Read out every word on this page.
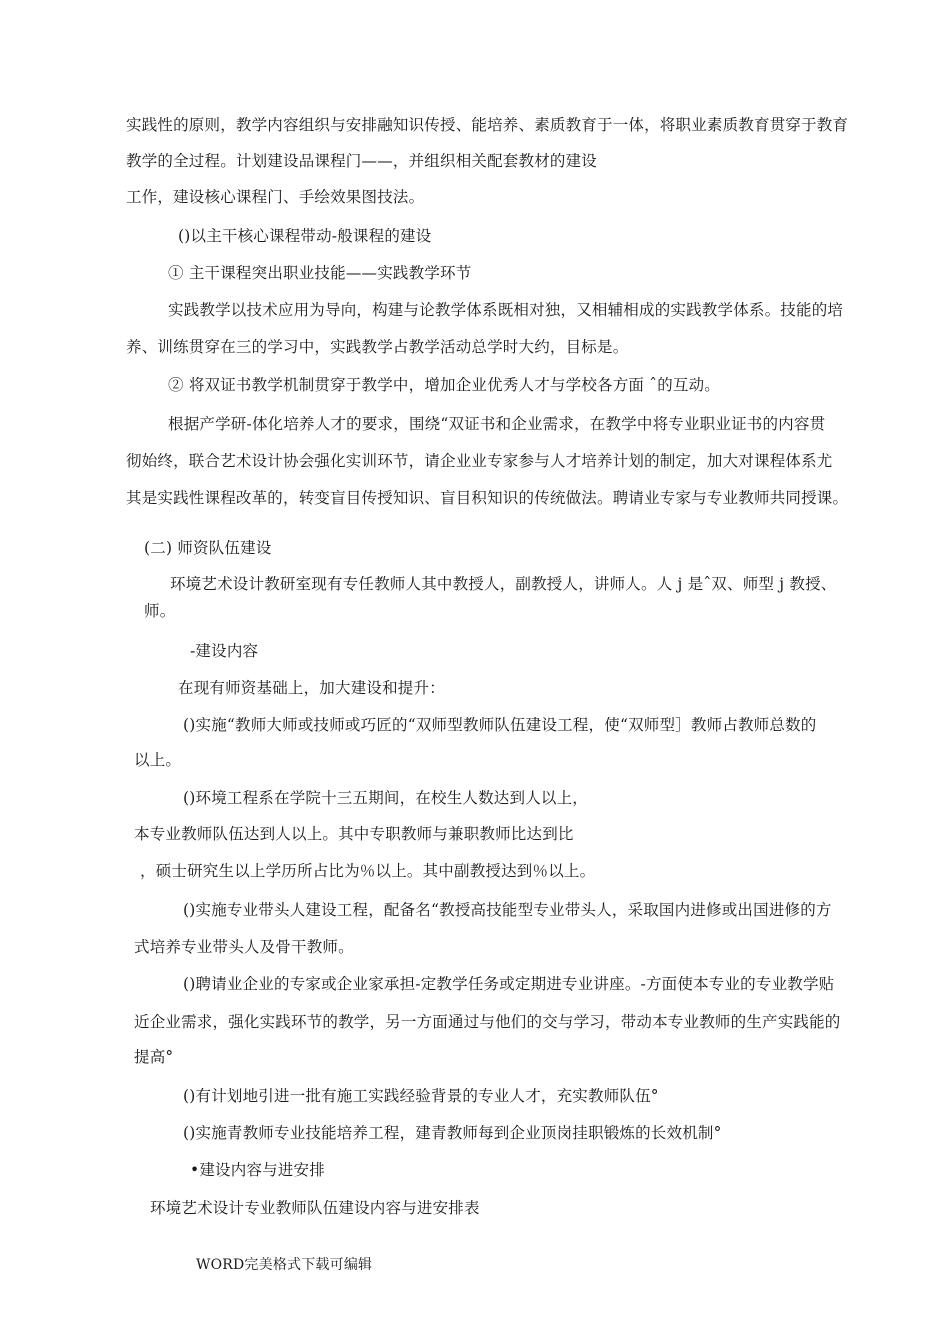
实践性的原则，教学内容组织与安排融知识传授、能培养、素质教育于一体，将职业素质教育贯穿于教育
教学的全过程。计划建设品课程门——，并组织相关配套教材的建设
工作，建设核心课程门、手绘效果图技法。
()以主干核心课程带动-般课程的建设
① 主干课程突出职业技能——实践教学环节
实践教学以技术应用为导向，构建与论教学体系既相对独，又相辅相成的实践教学体系。技能的培
养、训练贯穿在三的学习中，实践教学占教学活动总学时大约，目标是。
② 将双证书教学机制贯穿于教学中，增加企业优秀人才与学校各方面 ˆ的互动。
根据产学研-体化培养人才的要求，围绕“双证书和企业需求，在教学中将专业职业证书的内容贯
彻始终，联合艺术设计协会强化实训环节，请企业业专家参与人才培养计划的制定，加大对课程体系尤
其是实践性课程改革的，转变盲目传授知识、盲目积知识的传统做法。聘请业专家与专业教师共同授课。
(二) 师资队伍建设
环境艺术设计教研室现有专任教师人其中教授人，副教授人，讲师人。人 j 是ˆ双、师型 j 教授、
师。
-建设内容
在现有师资基础上，加大建设和提升：
()实施“教师大师或技师或巧匠的“双师型教师队伍建设工程，使“双师型］教师占教师总数的
以上。
()环境工程系在学院十三五期间，在校生人数达到人以上，
本专业教师队伍达到人以上。其中专职教师与兼职教师比达到比
，硕士研究生以上学历所占比为％以上。其中副教授达到％以上。
()实施专业带头人建设工程，配备名“教授高技能型专业带头人，采取国内进修或出国进修的方
式培养专业带头人及骨干教师。
()聘请业企业的专家或企业家承担-定教学任务或定期进专业讲座。-方面使本专业的专业教学贴
近企业需求，强化实践环节的教学，另一方面通过与他们的交与学习，带动本专业教师的生产实践能的
提高°
()有计划地引进一批有施工实践经验背景的专业人才，充实教师队伍°
()实施青教师专业技能培养工程，建青教师每到企业顶岗挂职锻炼的长效机制°
•建设内容与进安排
环境艺术设计专业教师队伍建设内容与进安排表
WORD完美格式下载可编辑
